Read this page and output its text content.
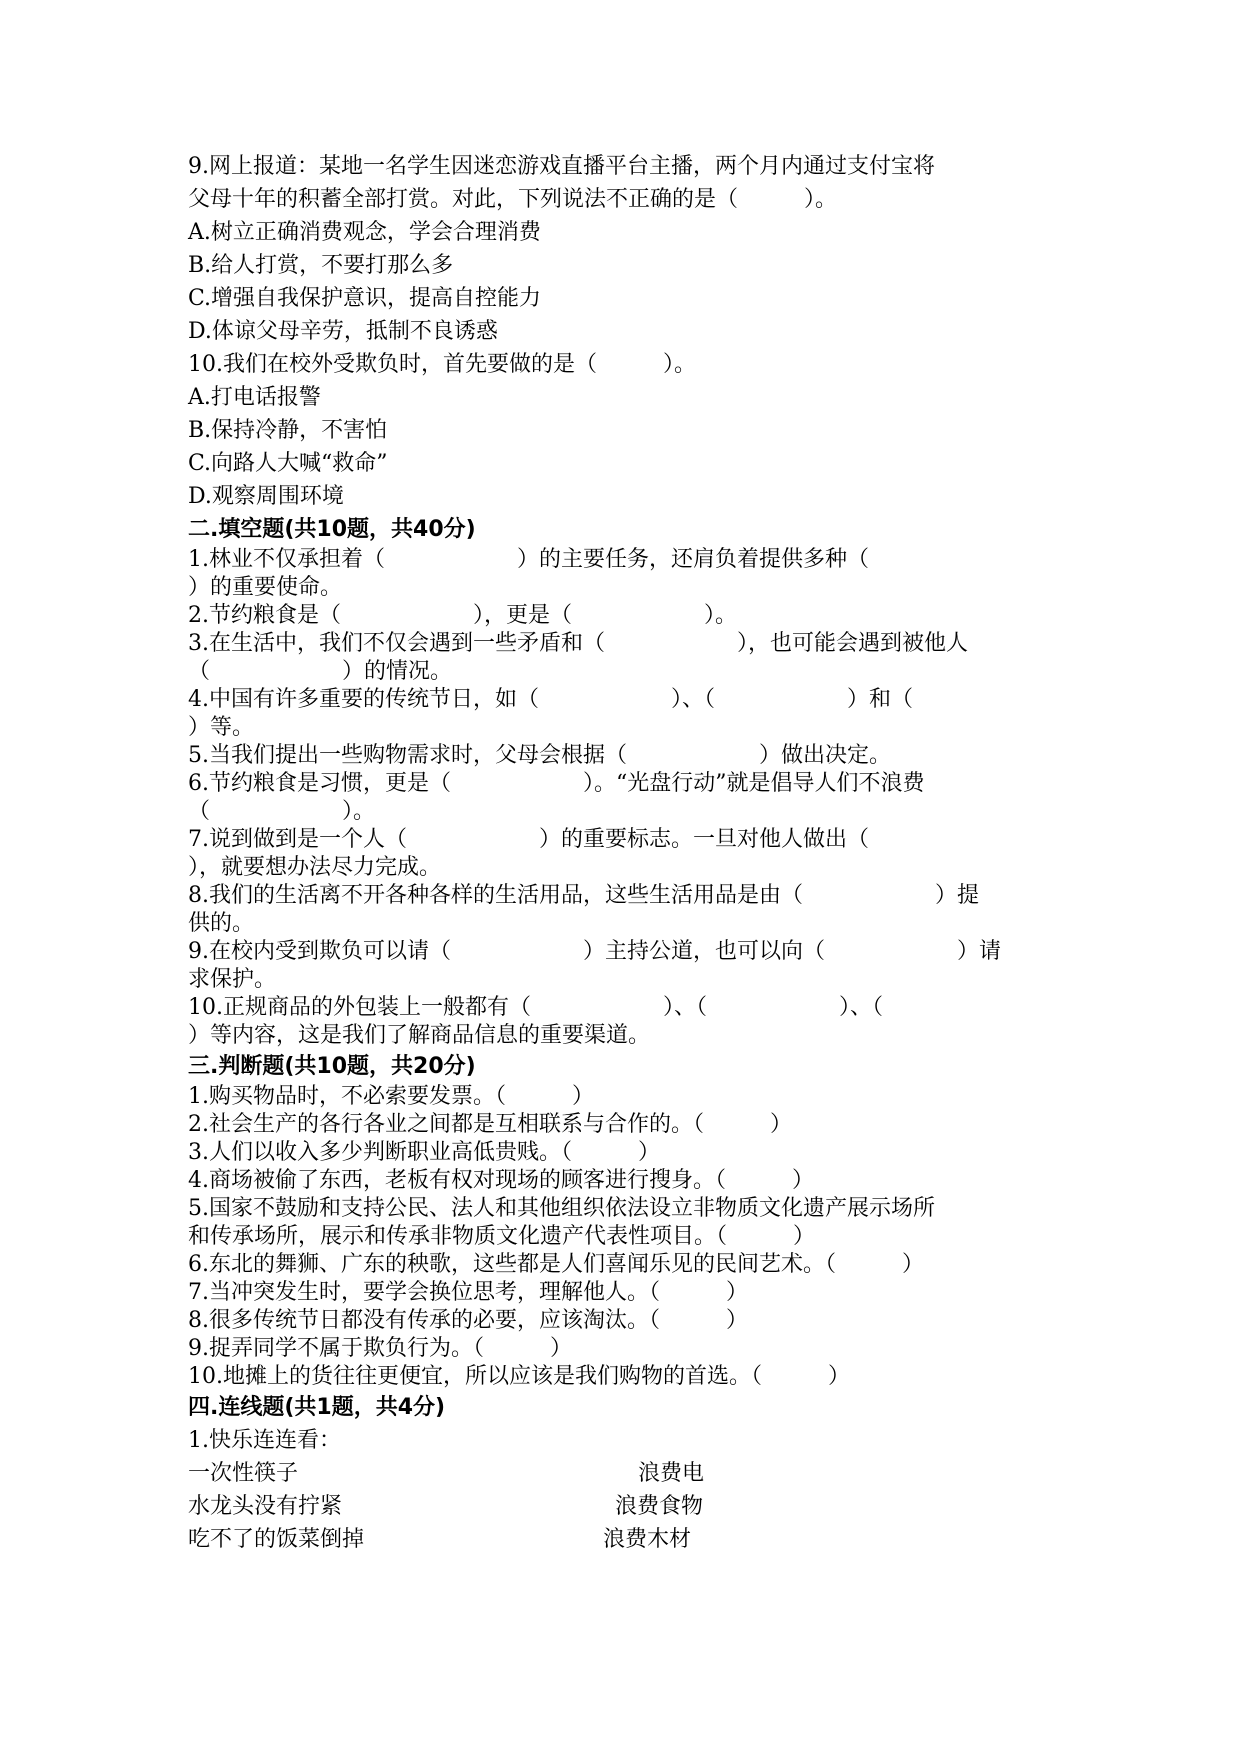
9.网上报道：某地一名学生因迷恋游戏直播平台主播，两个月内通过支付宝将
父母十年的积蓄全部打赏。对此，下列说法不正确的是（　　　）。
A.树立正确消费观念，学会合理消费
B.给人打赏，不要打那么多
C.增强自我保护意识，提高自控能力
D.体谅父母辛劳，抵制不良诱惑
10.我们在校外受欺负时，首先要做的是（　　　）。
A.打电话报警
B.保持冷静，不害怕
C.向路人大喊“救命”
D.观察周围环境
二.填空题(共10题，共40分)
1.林业不仅承担着（　　　　　　）的主要任务，还肩负着提供多种（
）的重要使命。
2.节约粮食是（　　　　　　），更是（　　　　　　）。
3.在生活中，我们不仅会遇到一些矛盾和（　　　　　　），也可能会遇到被他人
（　　　　　　）的情况。
4.中国有许多重要的传统节日，如（　　　　　　）、（　　　　　　）和（
）等。
5.当我们提出一些购物需求时，父母会根据（　　　　　　）做出决定。
6.节约粮食是习惯，更是（　　　　　　）。“光盘行动”就是倡导人们不浪费
（　　　　　　）。
7.说到做到是一个人（　　　　　　）的重要标志。一旦对他人做出（
），就要想办法尽力完成。
8.我们的生活离不开各种各样的生活用品，这些生活用品是由（　　　　　　）提
供的。
9.在校内受到欺负可以请（　　　　　　）主持公道，也可以向（　　　　　　）请
求保护。
10.正规商品的外包装上一般都有（　　　　　　）、（　　　　　　）、（
）等内容，这是我们了解商品信息的重要渠道。
三.判断题(共10题，共20分)
1.购买物品时，不必索要发票。（　　　）
2.社会生产的各行各业之间都是互相联系与合作的。（　　　）
3.人们以收入多少判断职业高低贵贱。（　　　）
4.商场被偷了东西，老板有权对现场的顾客进行搜身。（　　　）
5.国家不鼓励和支持公民、法人和其他组织依法设立非物质文化遗产展示场所
和传承场所，展示和传承非物质文化遗产代表性项目。（　　　）
6.东北的舞狮、广东的秧歌，这些都是人们喜闻乐见的民间艺术。（　　　）
7.当冲突发生时，要学会换位思考，理解他人。（　　　）
8.很多传统节日都没有传承的必要，应该淘汰。（　　　）
9.捉弄同学不属于欺负行为。（　　　）
10.地摊上的货往往更便宜，所以应该是我们购物的首选。（　　　）
四.连线题(共1题，共4分)
1.快乐连连看：
一次性筷子	浪费电
水龙头没有拧紧	浪费食物
吃不了的饭菜倒掉	浪费木材
